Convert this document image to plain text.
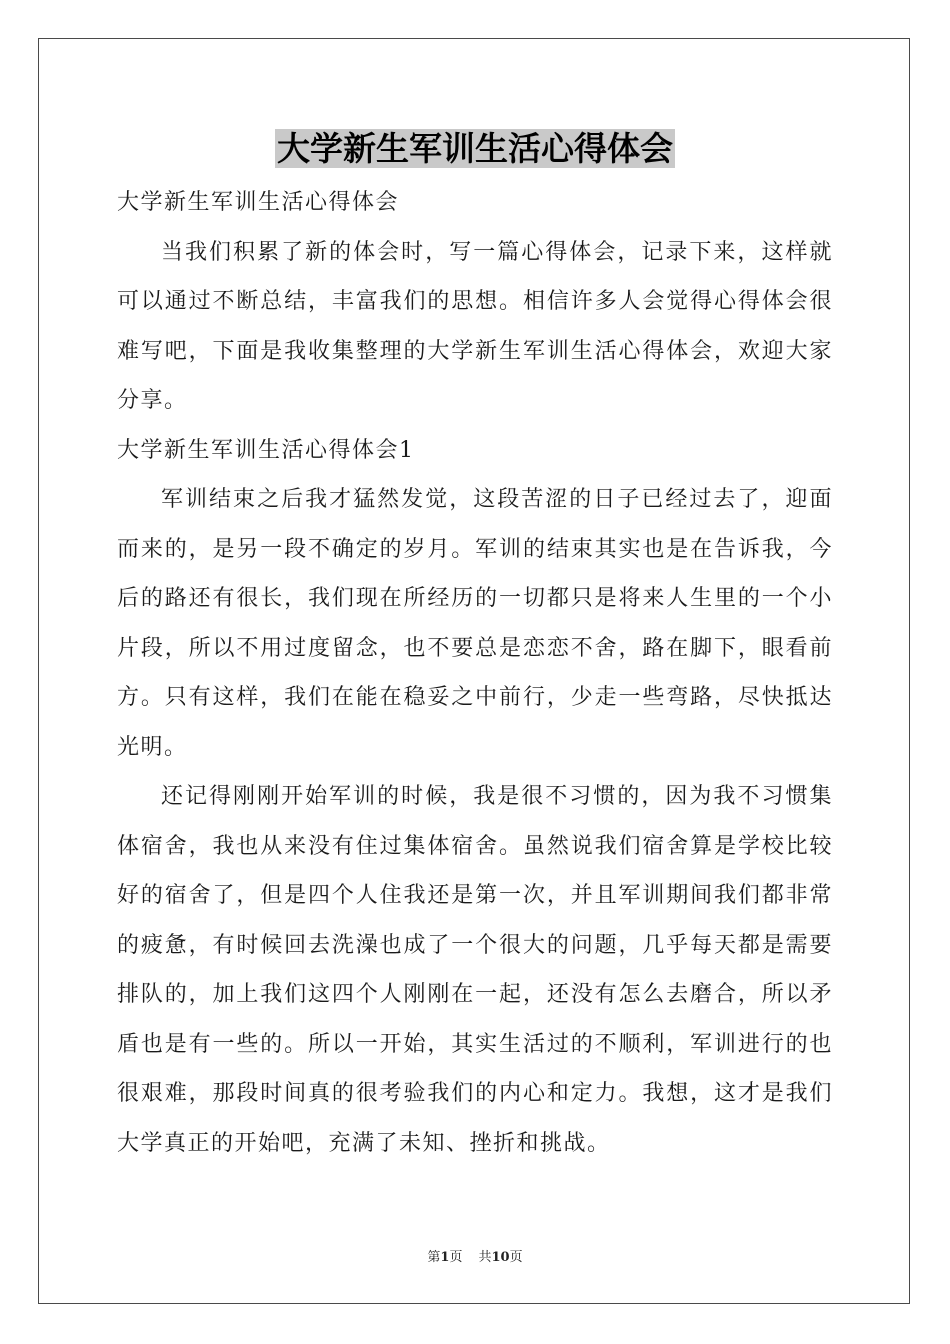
大学新生军训生活心得体会

大学新生军训生活心得体会

当我们积累了新的体会时，写一篇心得体会，记录下来，这样就可以通过不断总结，丰富我们的思想。相信许多人会觉得心得体会很难写吧，下面是我收集整理的大学新生军训生活心得体会，欢迎大家分享。

大学新生军训生活心得体会1

军训结束之后我才猛然发觉，这段苦涩的日子已经过去了，迎面而来的，是另一段不确定的岁月。军训的结束其实也是在告诉我，今后的路还有很长，我们现在所经历的一切都只是将来人生里的一个小片段，所以不用过度留念，也不要总是恋恋不舍，路在脚下，眼看前方。只有这样，我们在能在稳妥之中前行，少走一些弯路，尽快抵达光明。

还记得刚刚开始军训的时候，我是很不习惯的，因为我不习惯集体宿舍，我也从来没有住过集体宿舍。虽然说我们宿舍算是学校比较好的宿舍了，但是四个人住我还是第一次，并且军训期间我们都非常的疲惫，有时候回去洗澡也成了一个很大的问题，几乎每天都是需要排队的，加上我们这四个人刚刚在一起，还没有怎么去磨合，所以矛盾也是有一些的。所以一开始，其实生活过的不顺利，军训进行的也很艰难，那段时间真的很考验我们的内心和定力。我想，这才是我们大学真正的开始吧，充满了未知、挫折和挑战。

第1页 共10页
